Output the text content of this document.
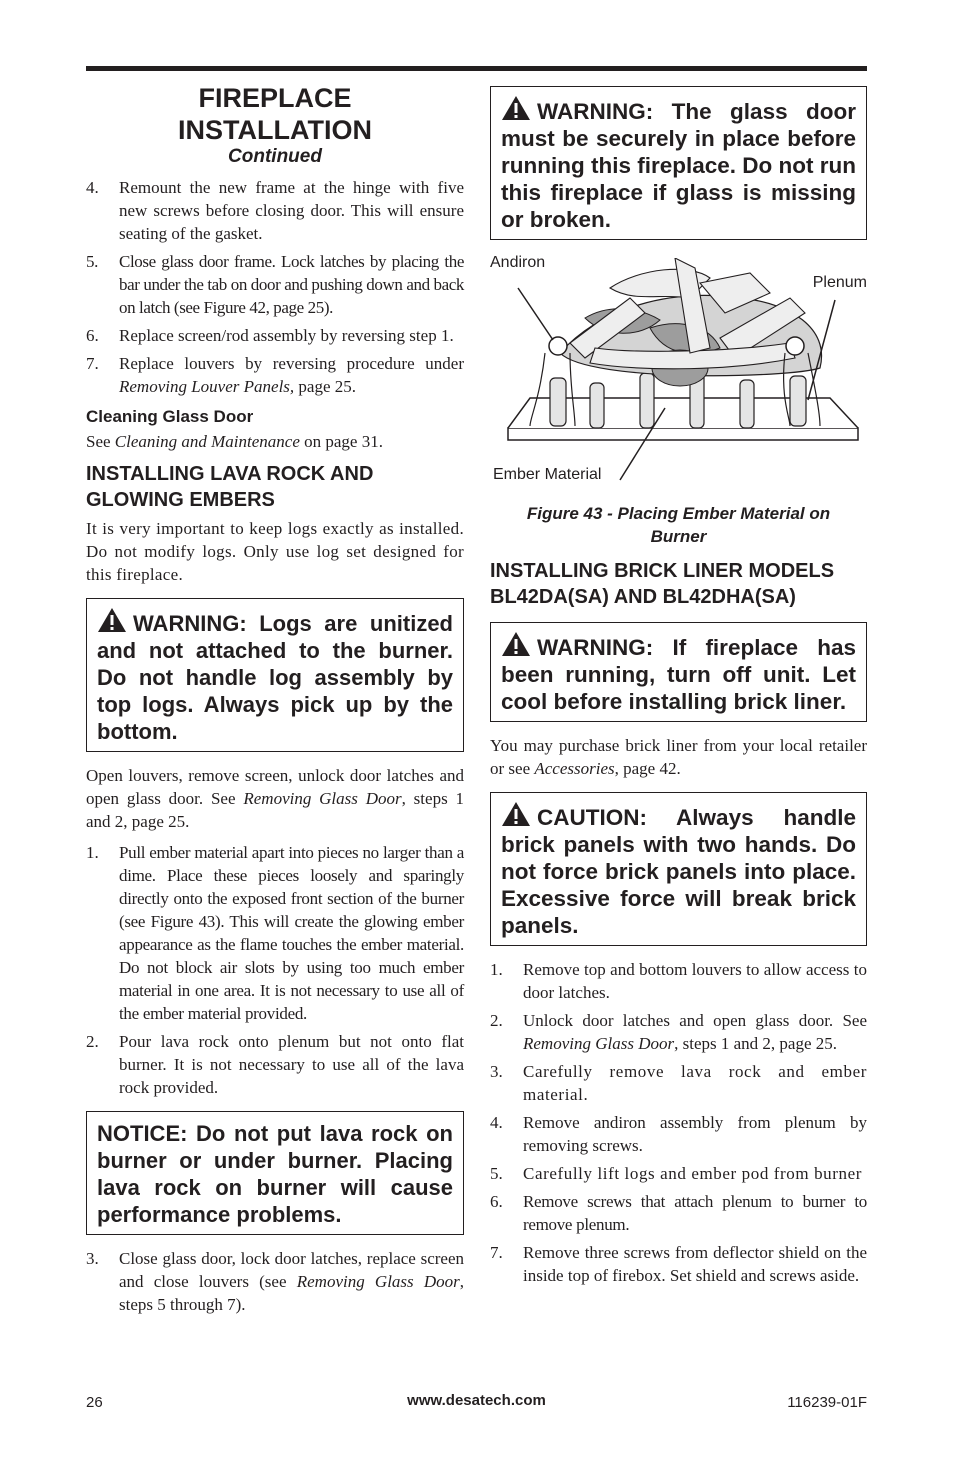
FIREPLACE
INSTALLATION
Continued
4.	Remount the new frame at the hinge with five new screws before closing door. This will ensure seating of the gasket.
5.	Close glass door frame. Lock latches by placing the bar under the tab on door and pushing down and back on latch (see Figure 42, page 25).
6.	Replace screen/rod assembly by reversing step 1.
7.	Replace louvers by reversing procedure under Removing Louver Panels, page 25.
Cleaning Glass Door

See Cleaning and Maintenance on page 31.

INSTALLING LAVA ROCK AND GLOWING EMBERS

It is very important to keep logs exactly as installed. Do not modify logs. Only use log set designed for this fireplace.

WARNING: Logs are unitized and not attached to the burner. Do not handle log assembly by top logs. Always pick up by the bottom.

Open louvers, remove screen, unlock door latches and open glass door. See Removing Glass Door, steps 1 and 2, page 25.

1.	Pull ember material apart into pieces no larger than a dime. Place these pieces loosely and sparingly directly onto the exposed front section of the burner (see Figure 43). This will create the glowing ember appearance as the flame touches the ember material. Do not block air slots by using too much ember material in one area. It is not necessary to use all of the ember material provided.
2.	Pour lava rock onto plenum but not onto flat burner. It is not necessary to use all of the lava rock provided.
NOTICE: Do not put lava rock on burner or under burner. Placing lava rock on burner will cause performance problems.
3.	Close glass door, lock door latches, replace screen and close louvers (see Removing Glass Door, steps 5 through 7).
WARNING: The glass door must be securely in place before running this fireplace. Do not run this fireplace if glass is missing or broken.
Andiron
Plenum
Ember Material
Figure 43 - Placing Ember Material on
Burner
INSTALLING BRICK LINER MODELS BL42DA(SA) AND BL42DHA(SA)
WARNING: If fireplace has been running, turn off unit. Let cool before installing brick liner.

You may purchase brick liner from your local retailer or see Accessories, page 42.

CAUTION: Always handle brick panels with two hands. Do not force brick panels into place. Excessive force will break brick panels.
1.	Remove top and bottom louvers to allow access to door latches.
2.	Unlock door latches and open glass door. See Removing Glass Door, steps 1 and 2, page 25.
3.	Carefully remove lava rock and ember material.
4.	Remove andiron assembly from plenum by removing screws.
5.	Carefully lift logs and ember pod from burner
6.	Remove screws that attach plenum to burner to remove plenum.
7.	Remove three screws from deflector shield on the inside top of firebox. Set shield and screws aside.
26	www.desatech.com	116239-01F
